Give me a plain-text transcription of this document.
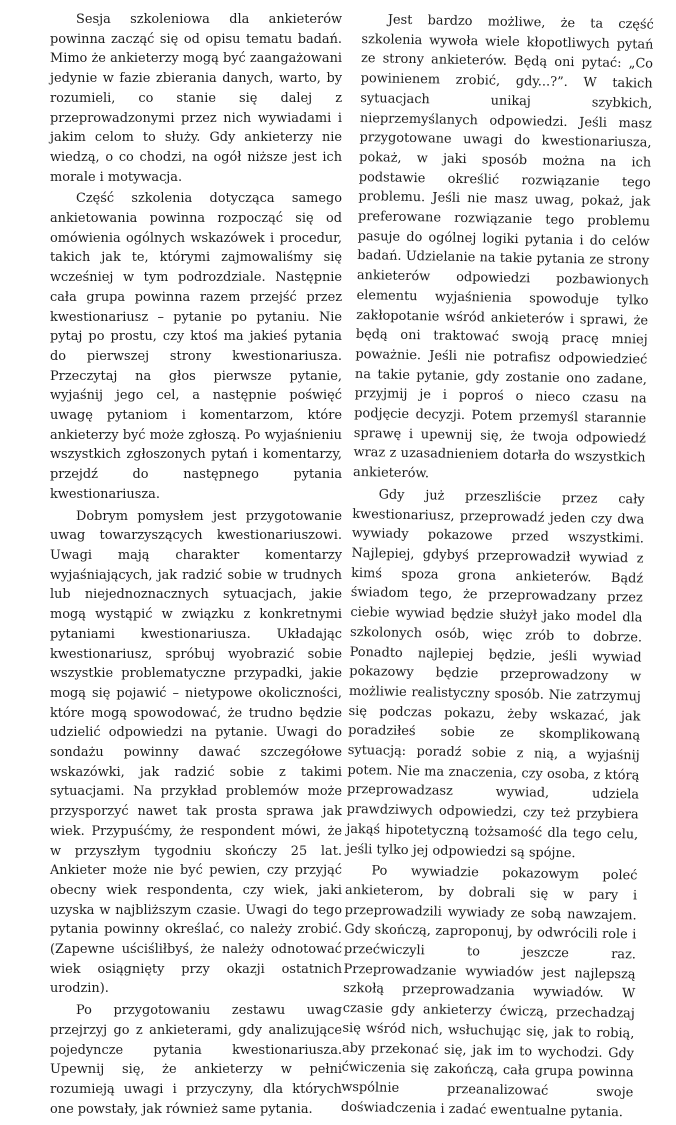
Sesja szkoleniowa dla ankieterów powinna zacząć się od opisu tematu badań. Mimo że ankieterzy mogą być zaangażowani jedynie w fazie zbierania danych, warto, by rozumieli, co stanie się dalej z przeprowadzonymi przez nich wywiadami i jakim celom to służy. Gdy ankieterzy nie wiedzą, o co chodzi, na ogół niższe jest ich morale i motywacja.

Część szkolenia dotycząca samego ankietowania powinna rozpocząć się od omówienia ogólnych wskazówek i procedur, takich jak te, którymi zajmowaliśmy się wcześniej w tym podrozdziale. Następnie cała grupa powinna razem przejść przez kwestionariusz – pytanie po pytaniu. Nie pytaj po prostu, czy ktoś ma jakieś pytania do pierwszej strony kwestionariusza. Przeczytaj na głos pierwsze pytanie, wyjaśnij jego cel, a następnie poświęć uwagę pytaniom i komentarzom, które ankieterzy być może zgłoszą. Po wyjaśnieniu wszystkich zgłoszonych pytań i komentarzy, przejdź do następnego pytania kwestionariusza.

Dobrym pomysłem jest przygotowanie uwag towarzyszących kwestionariuszowi. Uwagi mają charakter komentarzy wyjaśniających, jak radzić sobie w trudnych lub niejednoznacznych sytuacjach, jakie mogą wystąpić w związku z konkretnymi pytaniami kwestionariusza. Układając kwestionariusz, spróbuj wyobrazić sobie wszystkie problematyczne przypadki, jakie mogą się pojawić – nietypowe okoliczności, które mogą spowodować, że trudno będzie udzielić odpowiedzi na pytanie. Uwagi do sondażu powinny dawać szczegółowe wskazówki, jak radzić sobie z takimi sytuacjami. Na przykład problemów może przysporzyć nawet tak prosta sprawa jak wiek. Przypuśćmy, że respondent mówi, że w przyszłym tygodniu skończy 25 lat. Ankieter może nie być pewien, czy przyjąć obecny wiek respondenta, czy wiek, jaki uzyska w najbliższym czasie. Uwagi do tego pytania powinny określać, co należy zrobić. (Zapewne uściśliłbyś, że należy odnotować wiek osiągnięty przy okazji ostatnich urodzin).

Po przygotowaniu zestawu uwag przejrzyj go z ankieterami, gdy analizujące pojedyncze pytania kwestionariusza. Upewnij się, że ankieterzy w pełni rozumieją uwagi i przyczyny, dla których one powstały, jak również same pytania.

Jest bardzo możliwe, że ta część szkolenia wywoła wiele kłopotliwych pytań ze strony ankieterów. Będą oni pytać: „Co powinienem zrobić, gdy...?”. W takich sytuacjach unikaj szybkich, nieprzemyślanych odpowiedzi. Jeśli masz przygotowane uwagi do kwestionariusza, pokaż, w jaki sposób można na ich podstawie określić rozwiązanie tego problemu. Jeśli nie masz uwag, pokaż, jak preferowane rozwiązanie tego problemu pasuje do ogólnej logiki pytania i do celów badań. Udzielanie na takie pytania ze strony ankieterów odpowiedzi pozbawionych elementu wyjaśnienia spowoduje tylko zakłopotanie wśród ankieterów i sprawi, że będą oni traktować swoją pracę mniej poważnie. Jeśli nie potrafisz odpowiedzieć na takie pytanie, gdy zostanie ono zadane, przyjmij je i poproś o nieco czasu na podjęcie decyzji. Potem przemyśl starannie sprawę i upewnij się, że twoja odpowiedź wraz z uzasadnieniem dotarła do wszystkich ankieterów.

Gdy już przeszliście przez cały kwestionariusz, przeprowadź jeden czy dwa wywiady pokazowe przed wszystkimi. Najlepiej, gdybyś przeprowadził wywiad z kimś spoza grona ankieterów. Bądź świadom tego, że przeprowadzany przez ciebie wywiad będzie służył jako model dla szkolonych osób, więc zrób to dobrze. Ponadto najlepiej będzie, jeśli wywiad pokazowy będzie przeprowadzony w możliwie realistyczny sposób. Nie zatrzymuj się podczas pokazu, żeby wskazać, jak poradziłeś sobie ze skomplikowaną sytuacją: poradź sobie z nią, a wyjaśnij potem. Nie ma znaczenia, czy osoba, z którą przeprowadzasz wywiad, udziela prawdziwych odpowiedzi, czy też przybiera jakąś hipotetyczną tożsamość dla tego celu, jeśli tylko jej odpowiedzi są spójne.

Po wywiadzie pokazowym poleć ankieterom, by dobrali się w pary i przeprowadzili wywiady ze sobą nawzajem. Gdy skończą, zaproponuj, by odwrócili role i przećwiczyli to jeszcze raz. Przeprowadzanie wywiadów jest najlepszą szkołą przeprowadzania wywiadów. W czasie gdy ankieterzy ćwiczą, przechadzaj się wśród nich, wsłuchując się, jak to robią, aby przekonać się, jak im to wychodzi. Gdy ćwiczenia się zakończą, cała grupa powinna wspólnie przeanalizować swoje doświadczenia i zadać ewentualne pytania.
